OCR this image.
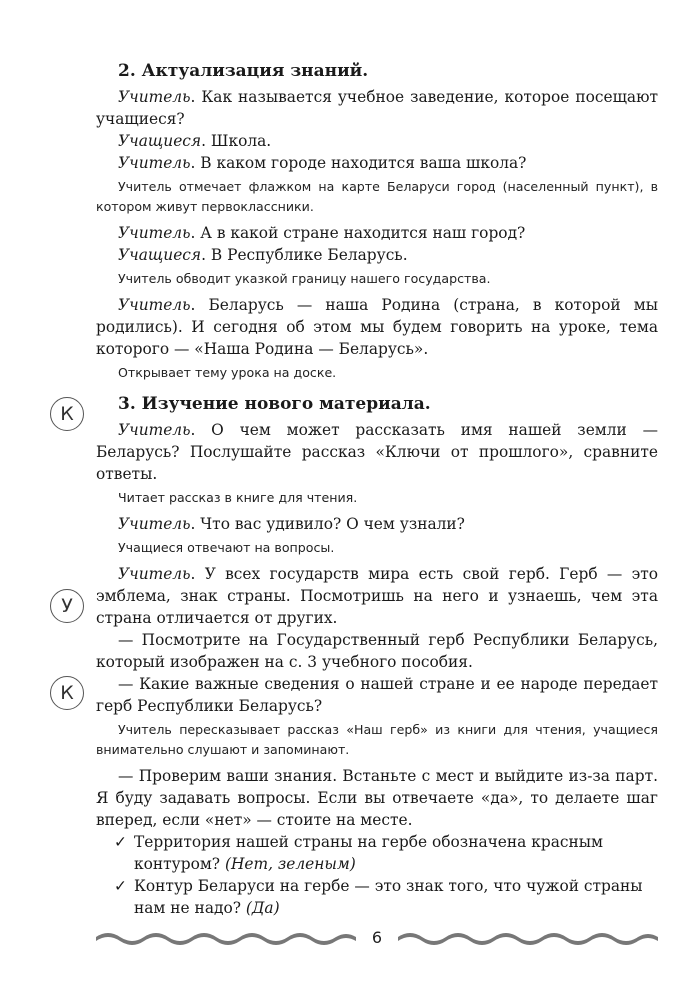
2. Актуализация знаний.

Учитель. Как называется учебное заведение, которое посещают учащиеся?

Учащиеся. Школа.

Учитель. В каком городе находится ваша школа?

Учитель отмечает флажком на карте Беларуси город (населенный пункт), в котором живут первоклассники.

Учитель. А в какой стране находится наш город?

Учащиеся. В Республике Беларусь.

Учитель обводит указкой границу нашего государства.

Учитель. Беларусь — наша Родина (страна, в которой мы родились). И сегодня об этом мы будем говорить на уроке, тема которого — «Наша Родина — Беларусь».

Открывает тему урока на доске.

3. Изучение нового материала.

Учитель. О чем может рассказать имя нашей земли — Беларусь? Послушайте рассказ «Ключи от прошлого», сравните ответы.

Читает рассказ в книге для чтения.

Учитель. Что вас удивило? О чем узнали?

Учащиеся отвечают на вопросы.

Учитель. У всех государств мира есть свой герб. Герб — это эмблема, знак страны. Посмотришь на него и узнаешь, чем эта страна отличается от других.

— Посмотрите на Государственный герб Республики Беларусь, который изображен на с. 3 учебного пособия.

— Какие важные сведения о нашей стране и ее народе передает герб Республики Беларусь?

Учитель пересказывает рассказ «Наш герб» из книги для чтения, учащиеся внимательно слушают и запоминают.

— Проверим ваши знания. Встаньте с мест и выйдите из-за парт. Я буду задавать вопросы. Если вы отвечаете «да», то делаете шаг вперед, если «нет» — стоите на месте.

✓ Территория нашей страны на гербе обозначена красным контуром? (Нет, зеленым)

✓ Контур Беларуси на гербе — это знак того, что чужой страны нам не надо? (Да)

К
У
К
6
